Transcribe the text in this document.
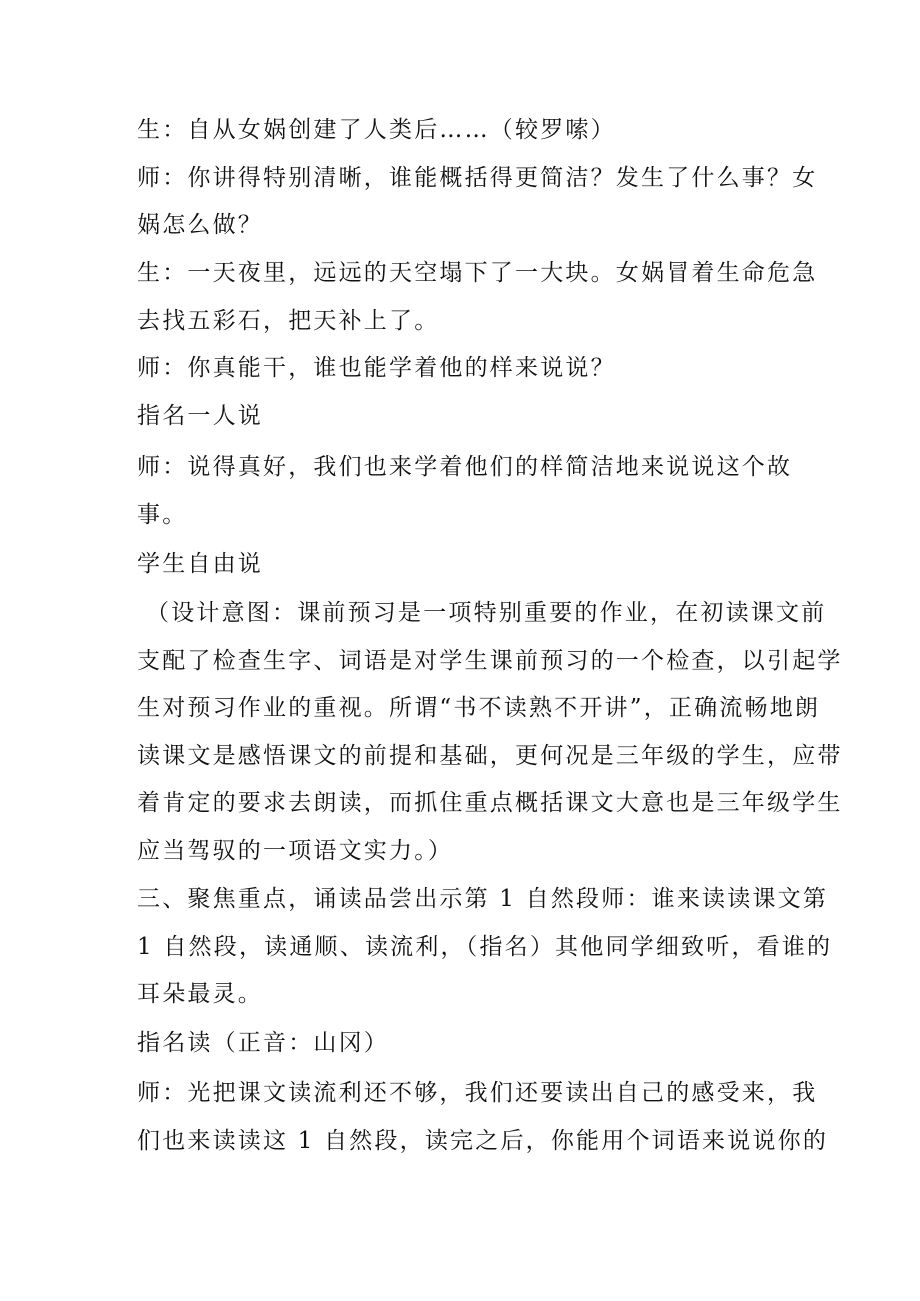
生：自从女娲创建了人类后……（较罗嗦）
师：你讲得特别清晰，谁能概括得更简洁？发生了什么事？女
娲怎么做？
生：一天夜里，远远的天空塌下了一大块。女娲冒着生命危急
去找五彩石，把天补上了。
师：你真能干，谁也能学着他的样来说说？
指名一人说
师：说得真好，我们也来学着他们的样简洁地来说说这个故
事。
学生自由说
（设计意图：课前预习是一项特别重要的作业，在初读课文前
支配了检查生字、词语是对学生课前预习的一个检查，以引起学
生对预习作业的重视。所谓“书不读熟不开讲”，正确流畅地朗
读课文是感悟课文的前提和基础，更何况是三年级的学生，应带
着肯定的要求去朗读，而抓住重点概括课文大意也是三年级学生
应当驾驭的一项语文实力。）
三、聚焦重点，诵读品尝出示第 1 自然段师：谁来读读课文第
1 自然段，读通顺、读流利，（指名）其他同学细致听，看谁的
耳朵最灵。
指名读（正音：山冈）
师：光把课文读流利还不够，我们还要读出自己的感受来，我
们也来读读这 1 自然段，读完之后，你能用个词语来说说你的
